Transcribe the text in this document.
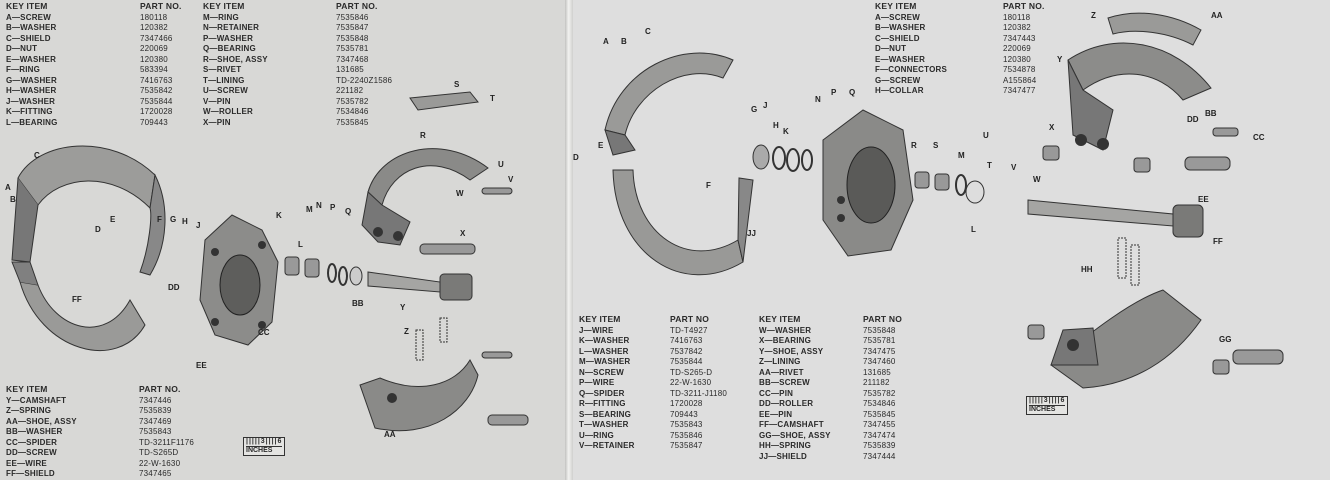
KEY ITEM	PART NO.
A—SCREW	180118
B—WASHER	120382
C—SHIELD	7347466
D—NUT	220069
E—WASHER	120380
F—RING	583394
G—WASHER	7416763
H—WASHER	7535842
J—WASHER	7535844
K—FITTING	1720028
L—BEARING	709443
KEY ITEM	PART NO.
M—RING	7535846
N—RETAINER	7535847
P—WASHER	7535848
Q—BEARING	7535781
R—SHOE, ASSY	7347468
S—RIVET	131685
T—LINING	TD-2240Z1586
U—SCREW	221182
V—PIN	7535782
W—ROLLER	7534846
X—PIN	7535845
KEY ITEM	PART NO.
Y—CAMSHAFT	7347446
Z—SPRING	7535839
AA—SHOE, ASSY	7347469
BB—WASHER	7535843
CC—SPIDER	TD-3211F1176
DD—SCREW	TD-S265D
EE—WIRE	22-W-1630
FF—SHIELD	7347465
|||||3||||6
INCHES
S
T
R
C
A
B
E
D
U
V
W
K
F G H J
M N P Q
X
L
Y
Z
BB
CC
DD
EE
FF
AA
KEY ITEM	PART NO.
A—SCREW	180118
B—WASHER	120382
C—SHIELD	7347443
D—NUT	220069
E—WASHER	120380
F—CONNECTORS	7534878
G—SCREW	A155864
H—COLLAR	7347477
KEY ITEM	PART NO
J—WIRE	TD-T4927
K—WASHER	7416763
L—WASHER	7537842
M—WASHER	7535844
N—SCREW	TD-S265-D
P—WIRE	22-W-1630
Q—SPIDER	TD-3211-J1180
R—FITTING	1720028
S—BEARING	709443
T—WASHER	7535843
U—RING	7535846
V—RETAINER	7535847
KEY ITEM	PART NO
W—WASHER	7535848
X—BEARING	7535781
Y—SHOE, ASSY	7347475
Z—LINING	7347460
AA—RIVET	131685
BB—SCREW	211182
CC—PIN	7535782
DD—ROLLER	7534846
EE—PIN	7535845
FF—CAMSHAFT	7347455
GG—SHOE, ASSY	7347474
HH—SPRING	7535839
JJ—SHIELD	7347444
|||||3||||6
INCHES
A B
C
D
E
F
G
H
J
K
L
M
N
P Q
R S
T
U
V
W
X
Y
Z	AA
BB
CC
DD
EE
FF
GG
HH
JJ
